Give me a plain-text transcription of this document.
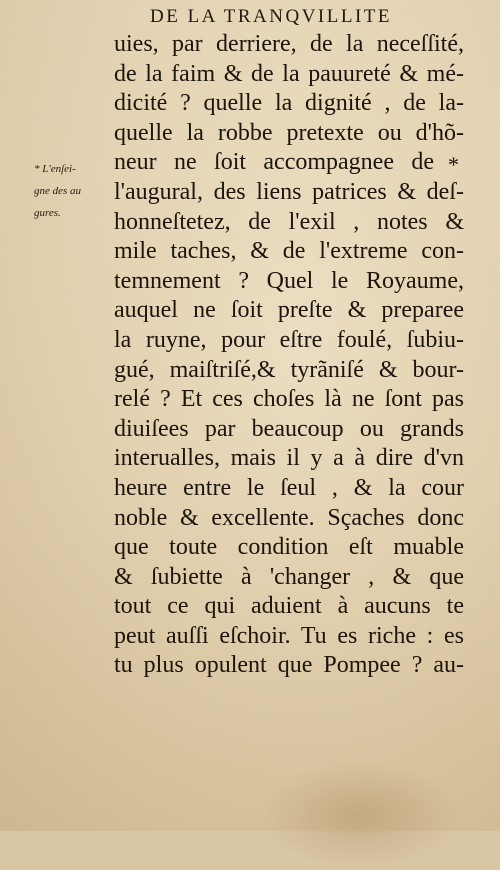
DE LA TRANQVILLITE
* L'enſei-
gne des au
gures.
*
uies, par derriere, de la neceſſité,
de la faim & de la pauureté & mé-
dicité ? quelle la dignité , de la-
quelle la robbe pretexte ou d'hõ-
neur ne ſoit accompagnee de
l'augural, des liens patrices & deſ-
honneſtetez, de l'exil , notes &
mile taches, & de l'extreme con-
temnement ? Quel le Royaume,
auquel ne ſoit preſte & preparee
la ruyne, pour eſtre foulé, ſubiu-
gué, maiſtriſé,& tyrãniſé & bour-
relé ? Et ces choſes là ne ſont pas
diuiſees par beaucoup ou grands
interualles, mais il y a à dire d'vn
heure entre le ſeul , & la cour
noble & excellente. Sçaches donc
que toute condition eſt muable
& ſubiette à 'changer , & que
tout ce qui aduient à aucuns te
peut auſſi eſchoir. Tu es riche : es
tu plus opulent que Pompee ? au-
